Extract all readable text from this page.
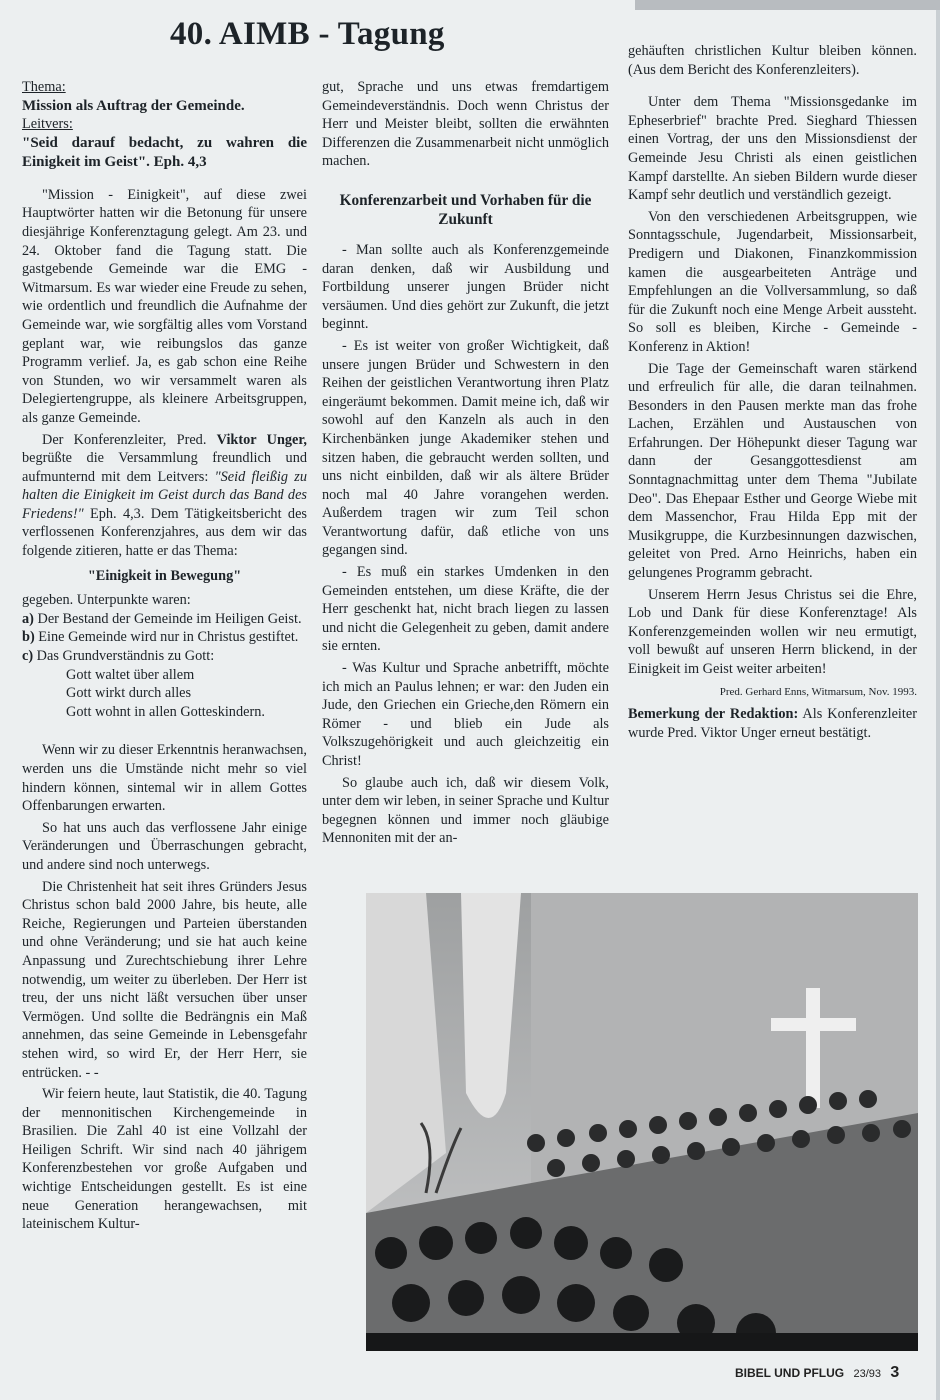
40. AIMB - Tagung
Thema:
Mission als Auftrag der Gemeinde.
Leitvers:
"Seid darauf bedacht, zu wahren die Einigkeit im Geist". Eph. 4,3

"Mission - Einigkeit", auf diese zwei Hauptwörter hatten wir die Betonung für unsere diesjährige Konferenztagung gelegt. Am 23. und 24. Oktober fand die Tagung statt. Die gastgebende Gemeinde war die EMG - Witmarsum. Es war wieder eine Freude zu sehen, wie ordentlich und freundlich die Aufnahme der Gemeinde war, wie sorgfältig alles vom Vorstand geplant war, wie reibungslos das ganze Programm verlief. Ja, es gab schon eine Reihe von Stunden, wo wir versammelt waren als Delegiertengruppe, als kleinere Arbeitsgruppen, als ganze Gemeinde.

Der Konferenzleiter, Pred. Viktor Unger, begrüßte die Versammlung freundlich und aufmunternd mit dem Leitvers: "Seid fleißig zu halten die Einigkeit im Geist durch das Band des Friedens!" Eph. 4,3. Dem Tätigkeitsbericht des verflossenen Konferenzjahres, aus dem wir das folgende zitieren, hatte er das Thema:

"Einigkeit in Bewegung"
gegeben. Unterpunkte waren:
a) Der Bestand der Gemeinde im Heiligen Geist.
b) Eine Gemeinde wird nur in Christus gestiftet.
c) Das Grundverständnis zu Gott:
Gott waltet über allem
Gott wirkt durch alles
Gott wohnt in allen Gotteskindern.

Wenn wir zu dieser Erkenntnis heranwachsen, werden uns die Umstände nicht mehr so viel hindern können, sintemal wir in allem Gottes Offenbarungen erwarten.

So hat uns auch das verflossene Jahr einige Veränderungen und Überraschungen gebracht, und andere sind noch unterwegs.

Die Christenheit hat seit ihres Gründers Jesus Christus schon bald 2000 Jahre, bis heute, alle Reiche, Regierungen und Parteien überstanden und ohne Veränderung; und sie hat auch keine Anpassung und Zurechtschiebung ihrer Lehre notwendig, um weiter zu überleben. Der Herr ist treu, der uns nicht läßt versuchen über unser Vermögen. Und sollte die Bedrängnis ein Maß annehmen, das seine Gemeinde in Lebensgefahr stehen wird, so wird Er, der Herr Herr, sie entrücken. - -

Wir feiern heute, laut Statistik, die 40. Tagung der mennonitischen Kirchengemeinde in Brasilien. Die Zahl 40 ist eine Vollzahl der Heiligen Schrift. Wir sind nach 40 jährigem Konferenzbestehen vor große Aufgaben und wichtige Entscheidungen gestellt. Es ist eine neue Generation herangewachsen, mit lateinischem Kultur-

gut, Sprache und uns etwas fremdartigem Gemeindeverständnis. Doch wenn Christus der Herr und Meister bleibt, sollten die erwähnten Differenzen die Zusammenarbeit nicht unmöglich machen.

Konferenzarbeit und Vorhaben für die Zukunft

- Man sollte auch als Konferenzgemeinde daran denken, daß wir Ausbildung und Fortbildung unserer jungen Brüder nicht versäumen. Und dies gehört zur Zukunft, die jetzt beginnt.

- Es ist weiter von großer Wichtigkeit, daß unsere jungen Brüder und Schwestern in den Reihen der geistlichen Verantwortung ihren Platz eingeräumt bekommen. Damit meine ich, daß wir sowohl auf den Kanzeln als auch in den Kirchenbänken junge Akademiker stehen und sitzen haben, die gebraucht werden sollten, und uns nicht einbilden, daß wir als ältere Brüder noch mal 40 Jahre vorangehen werden. Außerdem tragen wir zum Teil schon Verantwortung dafür, daß etliche von uns gegangen sind.

- Es muß ein starkes Umdenken in den Gemeinden entstehen, um diese Kräfte, die der Herr geschenkt hat, nicht brach liegen zu lassen und nicht die Gelegenheit zu geben, damit andere sie ernten.

- Was Kultur und Sprache anbetrifft, möchte ich mich an Paulus lehnen; er war: den Juden ein Jude, den Griechen ein Grieche,den Römern ein Römer - und blieb ein Jude als Volkszugehörigkeit und auch gleichzeitig ein Christ!

So glaube auch ich, daß wir diesem Volk, unter dem wir leben, in seiner Sprache und Kultur begegnen können und immer noch gläubige Mennoniten mit der an-

gehäuften christlichen Kultur bleiben können. (Aus dem Bericht des Konferenzleiters).

Unter dem Thema "Missionsgedanke im Epheserbrief" brachte Pred. Sieghard Thiessen einen Vortrag, der uns den Missionsdienst der Gemeinde Jesu Christi als einen geistlichen Kampf darstellte. An sieben Bildern wurde dieser Kampf sehr deutlich und verständlich gezeigt.

Von den verschiedenen Arbeitsgruppen, wie Sonntagsschule, Jugendarbeit, Missionsarbeit, Predigern und Diakonen, Finanzkommission kamen die ausgearbeiteten Anträge und Empfehlungen an die Vollversammlung, so daß für die Zukunft noch eine Menge Arbeit aussteht. So soll es bleiben, Kirche - Gemeinde - Konferenz in Aktion!

Die Tage der Gemeinschaft waren stärkend und erfreulich für alle, die daran teilnahmen. Besonders in den Pausen merkte man das frohe Lachen, Erzählen und Austauschen von Erfahrungen. Der Höhepunkt dieser Tagung war dann der Gesanggottesdienst am Sonntagnachmittag unter dem Thema "Jubilate Deo". Das Ehepaar Esther und George Wiebe mit dem Massenchor, Frau Hilda Epp mit der Musikgruppe, die Kurzbesinnungen dazwischen, geleitet von Pred. Arno Heinrichs, haben ein gelungenes Programm gebracht.

Unserem Herrn Jesus Christus sei die Ehre, Lob und Dank für diese Konferenztage! Als Konferenzgemeinden wollen wir neu ermutigt, voll bewußt auf unseren Herrn blickend, in der Einigkeit im Geist weiter arbeiten!

Pred. Gerhard Enns, Witmarsum, Nov. 1993.

Bemerkung der Redaktion: Als Konferenzleiter wurde Pred. Viktor Unger erneut bestätigt.

BIBEL UND PFLUG 23/93 3
